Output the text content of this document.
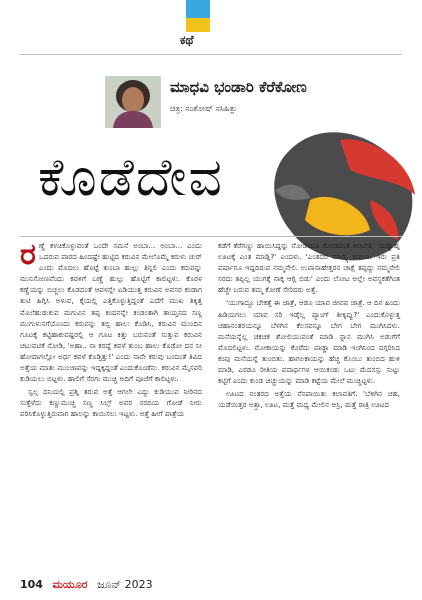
ಕಥೆ
ಮಾಧವಿ ಭಂಡಾರಿ ಕೆರೆಕೋಣ
ಚಿತ್ರ: ಸಂತೋಷ್ ಸಸಿಹಿತ್ಲು
ಕೊಡೆದೇವ

ರಣ್ಣೆ ಕಳಚಿಕೊಳ್ಳುವಂತೆ ಒಂದೇ ಸಮನೆ ಅಂಬಾ... ಅಂಬಾ... ಎಂದು ಒದರುವ ಪಾರದ ಹಿಂದಷ್ಟೇ ಹುಟ್ಟಿದ ಕರುವಿನ ಮೇಲೊಮ್ಮೆ ಕರುಳು ಚುರ್ ಎಂದು ಮೊದಲು ಹೊಟ್ಟೆ ತುಂಬಾ ಹುಲ್ಲು ತಿನ್ನಲಿ ಎಂದು ಕರುವನ್ನು ಮುನಿಸೋಣವೆಂದು ಕವಳಿಗೆ ಬಣ್ಣೆ ಹುಲ್ಲು ಹೊಟ್ಟಿಗೆ ಕಾಲಿಟ್ಟಳು. ಕೊರಳ ಕಣ್ಣೆಯನ್ನು ಬಿಚ್ಚಲು ಕೊಡದಂತೆ ಆವಳನ್ನೇ ಏಡಿಯುತ್ತ ಕರುವಿನ ಅವಸರ ಕಂಡಾಗ ತುಟಿ ಹಿಗ್ಗಿಸಿ ಅಳುವ, ಕೈಯಲ್ಲಿ ಎತ್ತಿಕೊಳ್ಳುತ್ತಿದ್ದಂತೆ ಎದೆಗೆ ಮುಖ ತಿಕ್ಕಿತ್ತ ಮೊಲೆಹುಡುಕುವ ಮಗುವಿನ ತಪ್ಪ ಕಂದನನ್ನೇ ಕಂಡಂತಾಗಿ ತಾಯ್ತನದ ಸಣ್ಣ ಮುಗುಳುನಗೆಯೊಂದು ಕರುವನ್ನು ತಬ್ಬಿ ಹಾಲು ಕೊಡಿಸಿ, ಕರುವಿನ ಮುಂದಿನ ಗೂಟಕ್ಕೆ ಕಟ್ಟಿಹಾಕುವಷ್ಟರಲ್ಲಿ ಆ ಗೂಟ ಕಿತ್ತು ಬರುವಂತೆ ಸುತ್ತುವ ಕರುವಿನ ಚಟುವಟಿಕೆ ನೋಡಿ, 'ಅಹಾ.. ನಾ ಕರದ್ದೆ ಕವಳೆ ತುಂಬ ಹಾಲು ಕೊಡೋ ದನ ನೀ ಹೋದಾಗಲ್ಲೋ ಅರ್ಧ ಕವಳೆ ಕೊಡ್ತಿತ್ತು!' ಎಂದು ನಾನೇ ಕರುವು ಬಂದಂತೆ ತಿವಿದ ಅತ್ತೆಯ ಮಾತು ಮುಂಜಾವನ್ನು ಇದ್ದಕ್ಕಿದ್ದಂತೆ ಎಂದುಕೊಂಡೆನು. ಕರುವಿನ ಮೈಸವರಿ ಕುಡಿಯಲು ಬಿಟ್ಟಳು. ಹಾಲಿಗೆ ಸೆರಗು ಮುಚ್ಚಿ ಅದಿಗೆ ಪೂಜೆಗೆ ಕಾಲಿಟ್ಟಳು.

ಸ್ವಲ್ಪ ದನಿಯಲ್ಲಿ ಪ್ರಶ್ನಿ ತರುವ ಅತ್ತೆ ಆಗಲೇ ಎದ್ದು ಕುಡಿಯುವ ನೀರಿನದ ಸುತ್ತೆಳೆದು ಕಣ್ಣುಮುಚ್ಚಿ ಸಣ್ಣ ಸಿಲ್ಸ್ ಅವರ ಸರದಿಯ ಗೋಡೆ ನೀರು ಪರಿಸಿಕೊಳ್ಳುತ್ತಿರುವಾಗ ಹಾಲನ್ನು ಕಾಯಿಸಲು ಇಟ್ಟಳು. ಅತ್ತೆ ಹೀಗೆ ಪಾತ್ರೆಯ

ಕಡೆಗೆ ತೆರೆಗಣ್ಣು ಹಾಯಿಸಿದ್ದನ್ನು ನೋಡಿಯೂ ನೋಡದಂತೆ ಕಲಾವತಿ, 'ಮಧ್ಯಾಹ್ನ ಊಟಕ್ಕೆ ಎಂತ ಮಾಡ್ಲಿ?' ಎಂದಳು. 'ಎಂತದರ ಮಾಡ್ಕ್ಕ ಕಮಲಾ. ಇರು ಪ್ರತಿ ವರ್ಷಾನೂ ಇದ್ದದಿರುವ ನಮ್ಮನೇಲಿ. ಉಪಾಸಾಹೇತ್ತರನ ಚಾಕ್ಷೆ ತಪ್ಪದ್ದು ನಮ್ಮನೇಲಿ ಸರದು ತಪ್ಪಿಲ್ಲ ಯುಗಕ್ಕೆ ನಾಕ್ಕ ಆಗ್ಲಿ ಬಿಡು' ಎಂದು ಲೋಟ ಅಲ್ಲೇ ಅವಸ್ಥಕತೆಗಿಂತ ಹೆಚ್ಚೇ ಬರುವ ತಮ್ಮ ಕೋಣೆ ಸೇರಿದರು ಅತ್ತೆ.

'ಯುಗಾದ್ದೂ ಬೇಕತ್ತೆ ಈ ಜಾತ್ರೆ, ಆಡೂ ಯಾವ ಜೀವವ ಜಾತ್ರೆ. ಆ ದಿನ ಹಿಂದು ಹಿಡಿಯಗಲು ಯಾವ ಸರಿ ಇಡ್ಕೆಲ್ಲ ಪ್ಯಾಂಗ್ ತೀಕ್ಕಿವ್ವು?' ಎಂದುಕೊಳ್ಳುತ್ತ ಚಹಾನಂತರಯನ್ನೂ ಬೆಳಗಿನ ಕೆಲಸವನ್ನೂ ಬೇಗ ಬೇಗ ಮುಗಿಸಿದಳು. ಮನೆಯನ್ನೆಲ್ಲ ಚಕಚಕ ಶೋಲಿಯುವಂತೆ ಮಾಡಿ ಸ್ನಾನ ಮುಗಿಸಿ ಅಡುಗೆಗೆ ಮೊದಲಿಟ್ಟಳು. ಮೋಕಾಯನ್ನು ಕೊರೆದು ಪಾಡ್ಡಾ ಮಾಡಿ ಇಂಗಿನಿಂದ ವಗ್ಗರಿಸಿದ ಕಂಪು ಮನೆಯನ್ನೆ ತುಂಬಿತು. ಹಾಗಲಕಾಯನ್ನು ಹೆಚ್ಚಿ ಕೊಂಬು ತುಂಬಿದ ಹುಳಿ ಮಾಡಿ, ಎರಡೂ ರೀತಿಯ ಪದಾರ್ಥಗಳ ಆಯಿಕಂಡು ಒಟು ಮೆದಸಸ್ಸು ಸುಟ್ಟು ಕಟ್ಟಿಗೆ ಎಂದು ಕುಂಡ ಚಿಚ್ಚುಯನ್ನು ಮಾಡಿ ಕಟ್ಟೆಯ ಮೇಲೆ ಮುಚ್ಚಿಟ್ಟಳು.

ಊಟದ ನಂತರದ ಅತ್ತೆಯ ನೆನಪಾಯಿತು ಕಲಾವತಿಗೆ. 'ಬೆಳಿಗಿನ ಚಹ, ಯಡೆಯಿತ್ತರ ಅತ್ತಾ, ಊಟ, ಮತ್ತೆ ಮಧ್ಯ ಮೇಲಿನ ಆಸ್ರಿ, ಮತ್ತೆ ರಾತ್ರಿ ಊಟದ

104 ಮಯೂರ ಜೂನ್ 2023
